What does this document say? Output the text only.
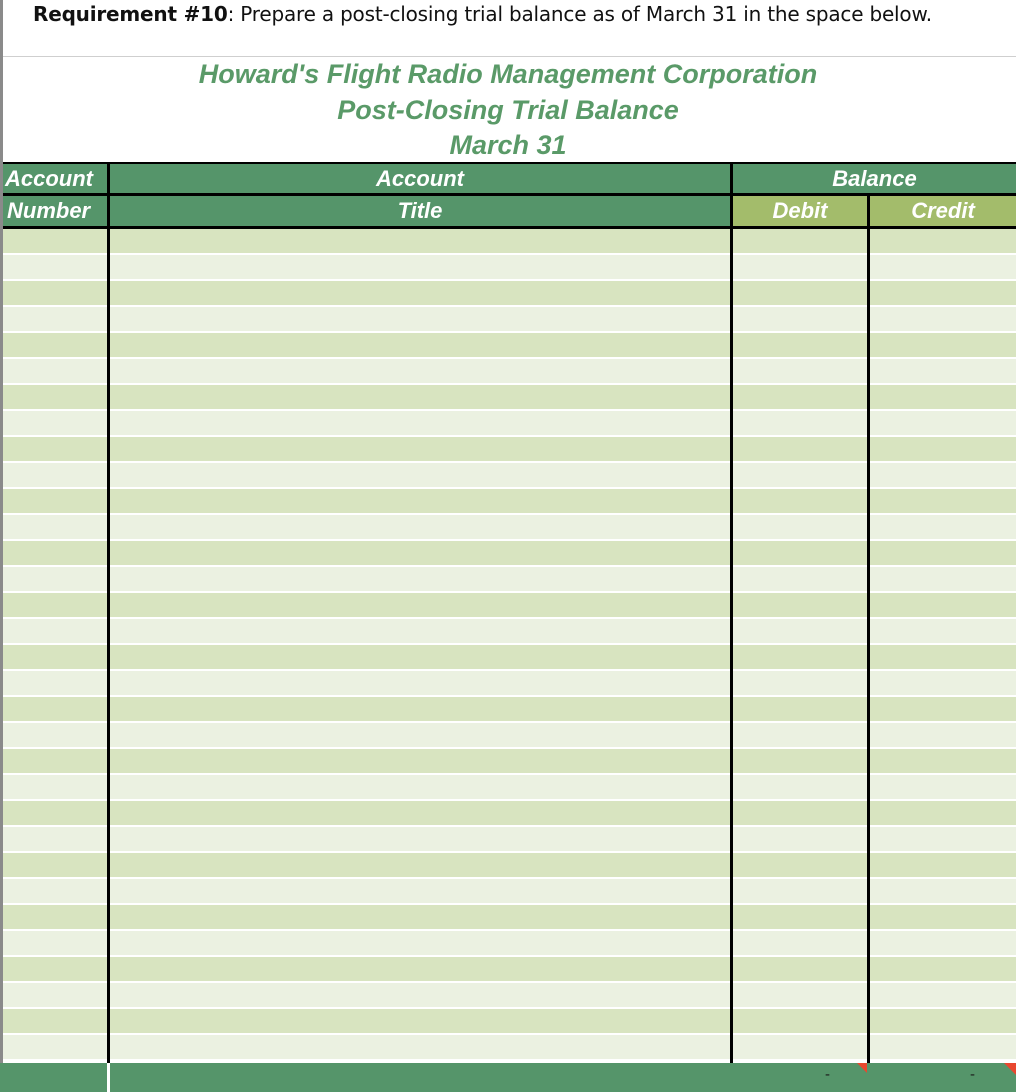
Requirement #10: Prepare a post-closing trial balance as of March 31 in the space below.
Howard's Flight Radio Management Corporation
Post-Closing Trial Balance
March 31
Account
Number
Account
Title
Balance
Debit	Credit
-	-
